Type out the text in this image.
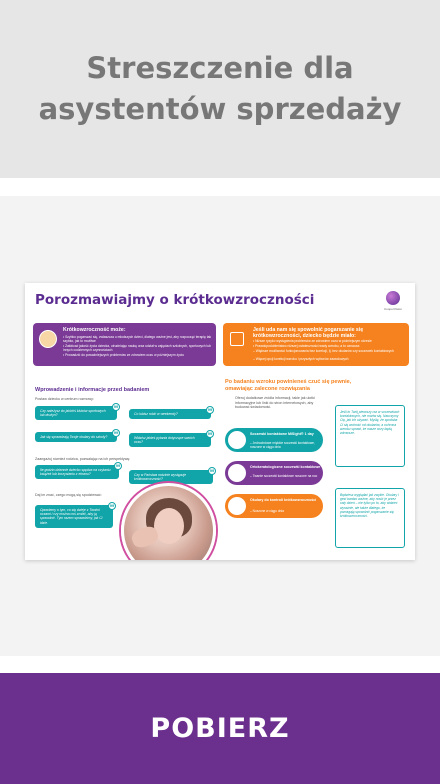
Streszczenie dla asystentów sprzedaży
Porozmawiajmy o krótkowzroczności
CooperVision
Krótkowzroczność może:
• Szybko pogarszać się, zwłaszcza u młodszych dzieci, dlatego ważne jest, aby rozpocząć terapię tak szybko, jak to możliwe
• Zakłócać jakość życia dziecka, utrudniając naukę oraz udział w zajęciach szkolnych, sportowych lub innych codziennych czynnościach
• Prowadzić do poważniejszych problemów ze zdrowiem oczu w późniejszym życiu
Jeśli uda nam się spowolnić pogarszanie się krótkowzroczności, dziecko będzie miało:
• Niższe ryzyko wystąpienia problemów ze zdrowiem oczu w późniejszym okresie
• Prawdopodobieństwo niższej ostateczności wady wzroku, a to oznacza:
– Większe możliwości funkcjonowania bez korekcji, tj. bez okularów czy soczewek kontaktowych
– Więcej opcji korekcji wzroku i przyszłych wyborów zawodowych
Wprowadzenie i informacje przed badaniem
Postaw dziecku w centrum rozmowy:
Czy należysz do jakichś klubów sportowych lub drużyn?
99
Co lubisz robić w weekendy?
99
Jak się sprawdzają Twoje okulary do szkoły?
99
Widzisz jakieś pytania dotyczące swoich oczu?
99
Zaangażuj również rodzica, pozwalając na ich perspektywę:
Ile godzin dziennie dziecko spędza na czytaniu książek lub korzystaniu z ekranu?
99
Czy w Państwa rodzinie występuje krótkowzroczność?
99
Daj im znać, czego mogą się spodziewać:
Opowiemy o tym, co się dzieje z Twoimi oczami i czy można coś zrobić, aby ją spowolnić. Tym razem sprawdzimy, jak Ci idzie.
99
Po badaniu wzroku powinieneś czuć się pewnie, omawiając zalecone rozwiązania
Oferuj dodatkowe źródła informacji, takie jak ulotki informacyjne lub linki do stron internetowych, aby budować świadomość.
Soczewki kontaktowe MiSight® 1 day
– Jednodniowe miękkie soczewki kontaktowe, noszone w ciągu dnia
Ortokeratologiczne soczewki kontaktowe
– Twarde soczewki kontaktowe noszone na noc
Okulary do kontroli krótkowzroczności
– Noszone w ciągu dnia
Jeśli to Twój pierwszy raz w soczewkach kontaktowych, nie martw się. Nauczymy Cię, jak ich używać. Myślę, że spodoba Ci się wolność od okularów, a ochrona wzroku sprawi, że nasze oczy będą zdrowsze.
Będziesz wyglądać jak zwykle. Okulary i gest bardzo ważne, aby nosić je przez cały dzień – nie tylko po to, aby widzieć wyraźnie, ale także dlatego, że pomagają spowolnić pogarszanie się krótkowzroczności.
POBIERZ
